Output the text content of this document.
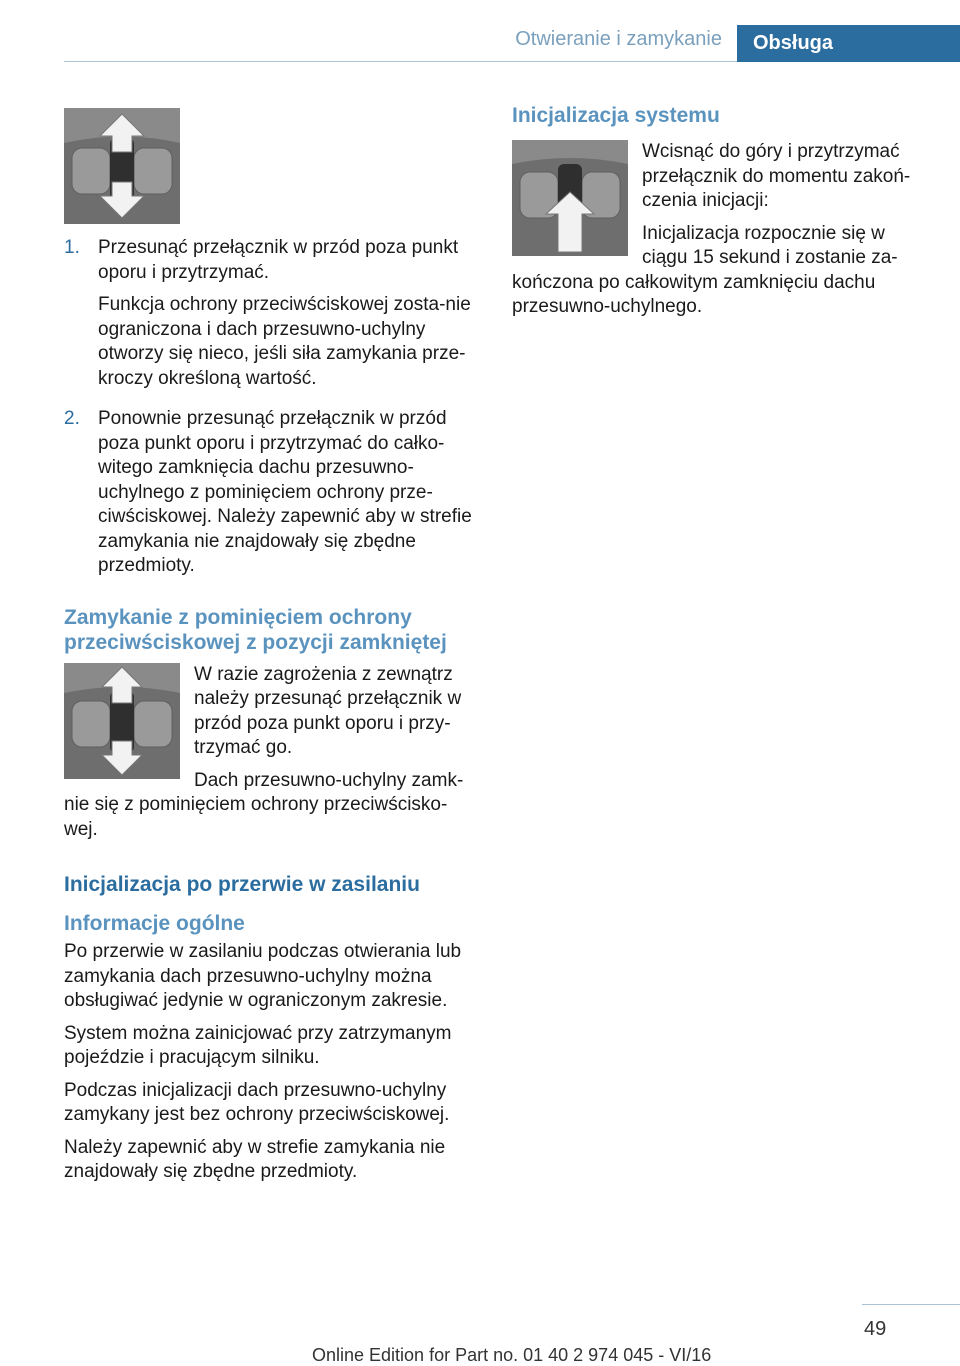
Otwieranie i zamykanie	Obsługa
1. Przesunąć przełącznik w przód poza punkt oporu i przytrzymać.

Funkcja ochrony przeciwściskowej zosta-nie ograniczona i dach przesuwno-uchylny otworzy się nieco, jeśli siła zamykania prze-kroczy określoną wartość.

2. Ponownie przesunąć przełącznik w przód poza punkt oporu i przytrzymać do całko-witego zamknięcia dachu przesuwno-uchylnego z pominięciem ochrony prze-ciwściskowej. Należy zapewnić aby w strefie zamykania nie znajdowały się zbędne przedmioty.

Zamykanie z pominięciem ochrony przeciwściskowej z pozycji zamkniętej

W razie zagrożenia z zewnątrz należy przesunąć przełącznik w przód poza punkt oporu i przy-trzymać go.

Dach przesuwno-uchylny zamk-nie się z pominięciem ochrony przeciwścisko-wej.

Inicjalizacja po przerwie w zasilaniu
Informacje ogólne

Po przerwie w zasilaniu podczas otwierania lub zamykania dach przesuwno-uchylny można obsługiwać jedynie w ograniczonym zakresie.

System można zainicjować przy zatrzymanym pojeździe i pracującym silniku.

Podczas inicjalizacji dach przesuwno-uchylny zamykany jest bez ochrony przeciwściskowej.

Należy zapewnić aby w strefie zamykania nie znajdowały się zbędne przedmioty.

Inicjalizacja systemu

Wcisnąć do góry i przytrzymać przełącznik do momentu zakoń-czenia inicjacji:

Inicjalizacja rozpocznie się w ciągu 15 sekund i zostanie za-kończona po całkowitym zamknięciu dachu przesuwno-uchylnego.

49
Online Edition for Part no. 01 40 2 974 045 - VI/16
